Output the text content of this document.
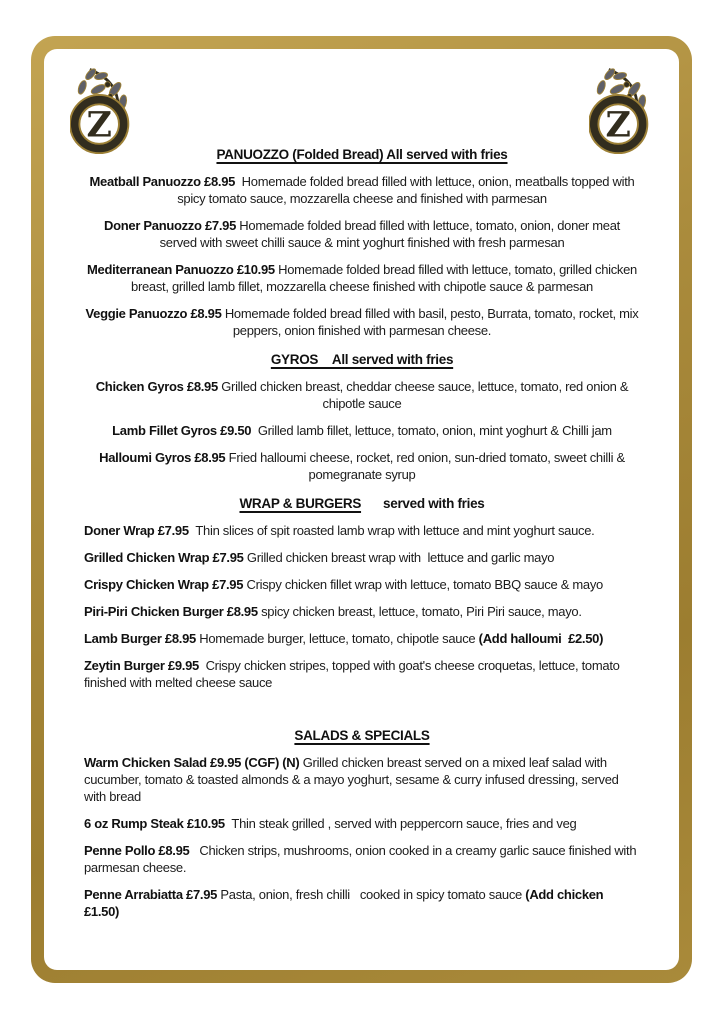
Z	Z
PANUOZZO (Folded Bread) All served with fries

Meatball Panuozzo £8.95  Homemade folded bread filled with lettuce, onion, meatballs topped with spicy tomato sauce, mozzarella cheese and finished with parmesan

Doner Panuozzo £7.95 Homemade folded bread filled with lettuce, tomato, onion, doner meat served with sweet chilli sauce & mint yoghurt finished with fresh parmesan

Mediterranean Panuozzo £10.95 Homemade folded bread filled with lettuce, tomato, grilled chicken breast, grilled lamb fillet, mozzarella cheese finished with chipotle sauce & parmesan

Veggie Panuozzo £8.95 Homemade folded bread filled with basil, pesto, Burrata, tomato, rocket, mix peppers, onion finished with parmesan cheese.

GYROS    All served with fries

Chicken Gyros £8.95 Grilled chicken breast, cheddar cheese sauce, lettuce, tomato, red onion & chipotle sauce

Lamb Fillet Gyros £9.50  Grilled lamb fillet, lettuce, tomato, onion, mint yoghurt & Chilli jam

Halloumi Gyros £8.95 Fried halloumi cheese, rocket, red onion, sun-dried tomato, sweet chilli & pomegranate syrup

WRAP & BURGERS served with fries

Doner Wrap £7.95  Thin slices of spit roasted lamb wrap with lettuce and mint yoghurt sauce.

Grilled Chicken Wrap £7.95 Grilled chicken breast wrap with  lettuce and garlic mayo

Crispy Chicken Wrap £7.95 Crispy chicken fillet wrap with lettuce, tomato BBQ sauce & mayo

Piri-Piri Chicken Burger £8.95 spicy chicken breast, lettuce, tomato, Piri Piri sauce, mayo.

Lamb Burger £8.95 Homemade burger, lettuce, tomato, chipotle sauce (Add halloumi  £2.50)

Zeytin Burger £9.95  Crispy chicken stripes, topped with goat's cheese croquetas, lettuce, tomato finished with melted cheese sauce

SALADS & SPECIALS

Warm Chicken Salad £9.95 (CGF) (N) Grilled chicken breast served on a mixed leaf salad with cucumber, tomato & toasted almonds & a mayo yoghurt, sesame & curry infused dressing, served with bread

6 oz Rump Steak £10.95  Thin steak grilled , served with peppercorn sauce, fries and veg

Penne Pollo £8.95   Chicken strips, mushrooms, onion cooked in a creamy garlic sauce finished with parmesan cheese.

Penne Arrabiatta £7.95 Pasta, onion, fresh chilli   cooked in spicy tomato sauce (Add chicken £1.50)
